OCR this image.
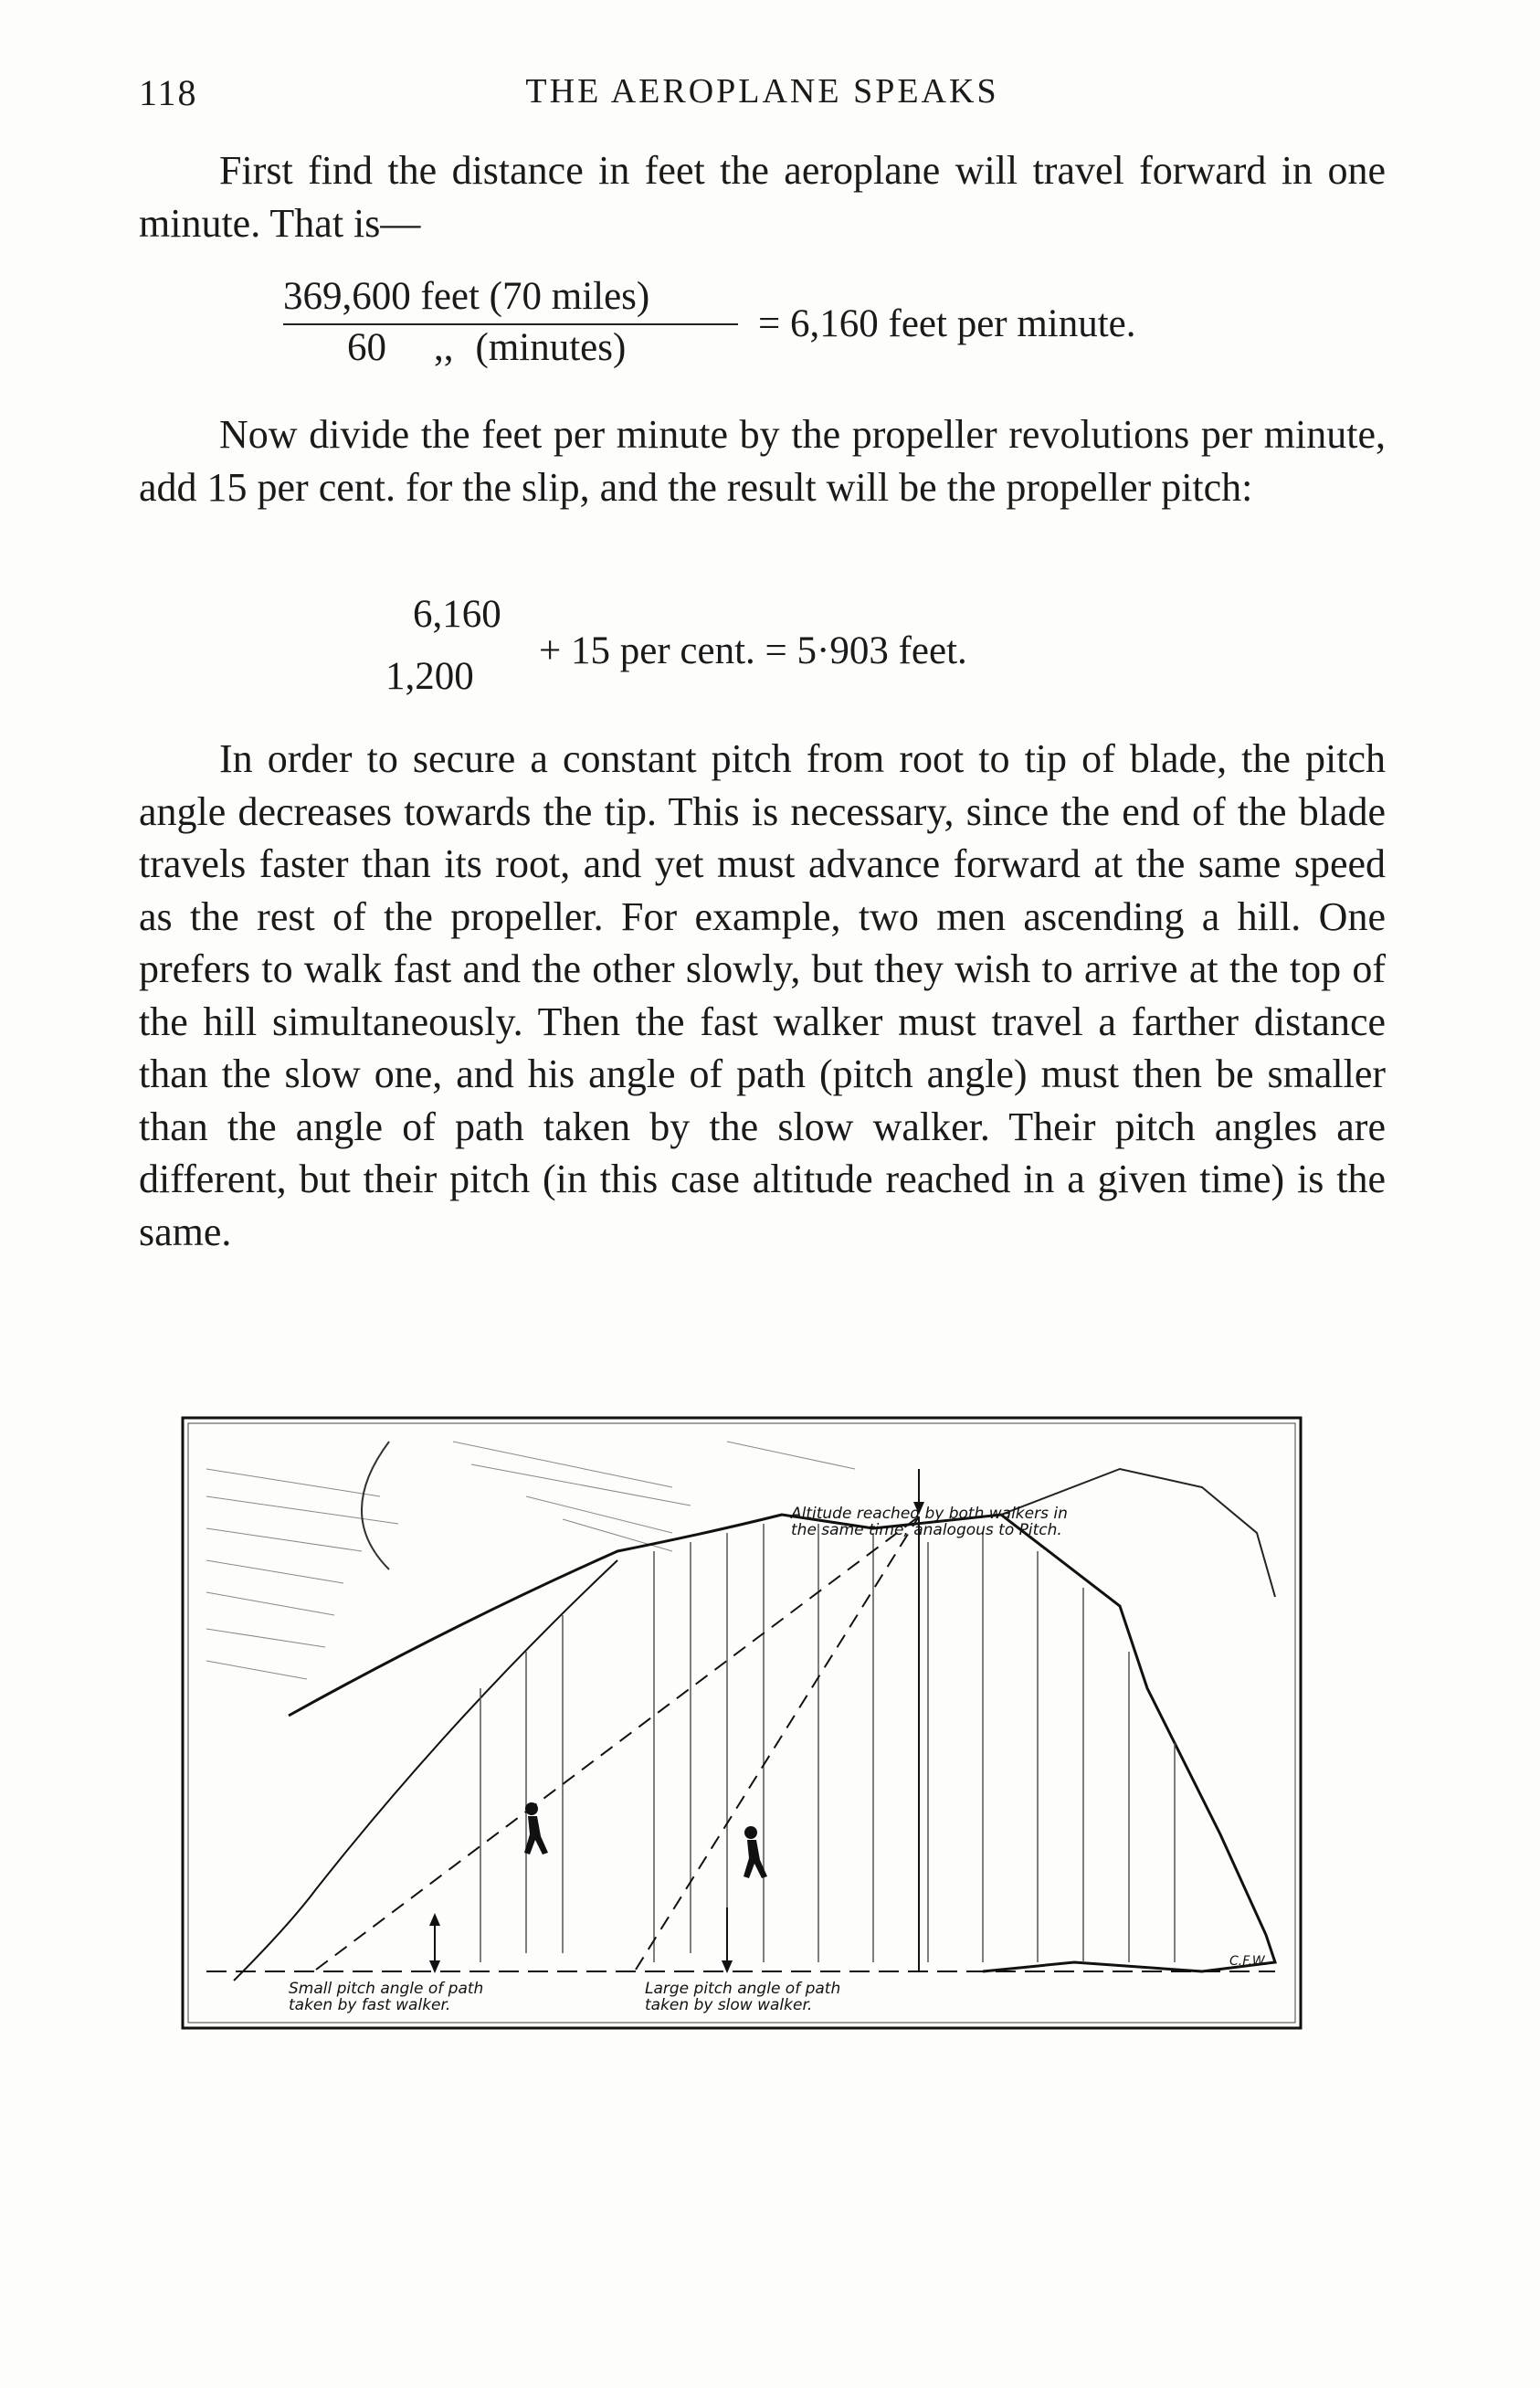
118	THE AEROPLANE SPEAKS

First find the distance in feet the aeroplane will travel forward in one minute. That is—

369,600 feet (70 miles)
60 ,, (minutes)
= 6,160 feet per minute.

Now divide the feet per minute by the propeller revolutions per minute, add 15 per cent. for the slip, and the result will be the propeller pitch:

6,160
1,200
+ 15 per cent. = 5·903 feet.

In order to secure a constant pitch from root to tip of blade, the pitch angle decreases towards the tip. This is necessary, since the end of the blade travels faster than its root, and yet must advance forward at the same speed as the rest of the propeller. For example, two men ascending a hill. One prefers to walk fast and the other slowly, but they wish to arrive at the top of the hill simultaneously. Then the fast walker must travel a farther distance than the slow one, and his angle of path (pitch angle) must then be smaller than the angle of path taken by the slow walker. Their pitch angles are different, but their pitch (in this case altitude reached in a given time) is the same.

Altitude reached by both walkers in
the same time, analogous to Pitch.
Small pitch angle of path
taken by fast walker.
Large pitch angle of path
taken by slow walker.
C.F.W.
